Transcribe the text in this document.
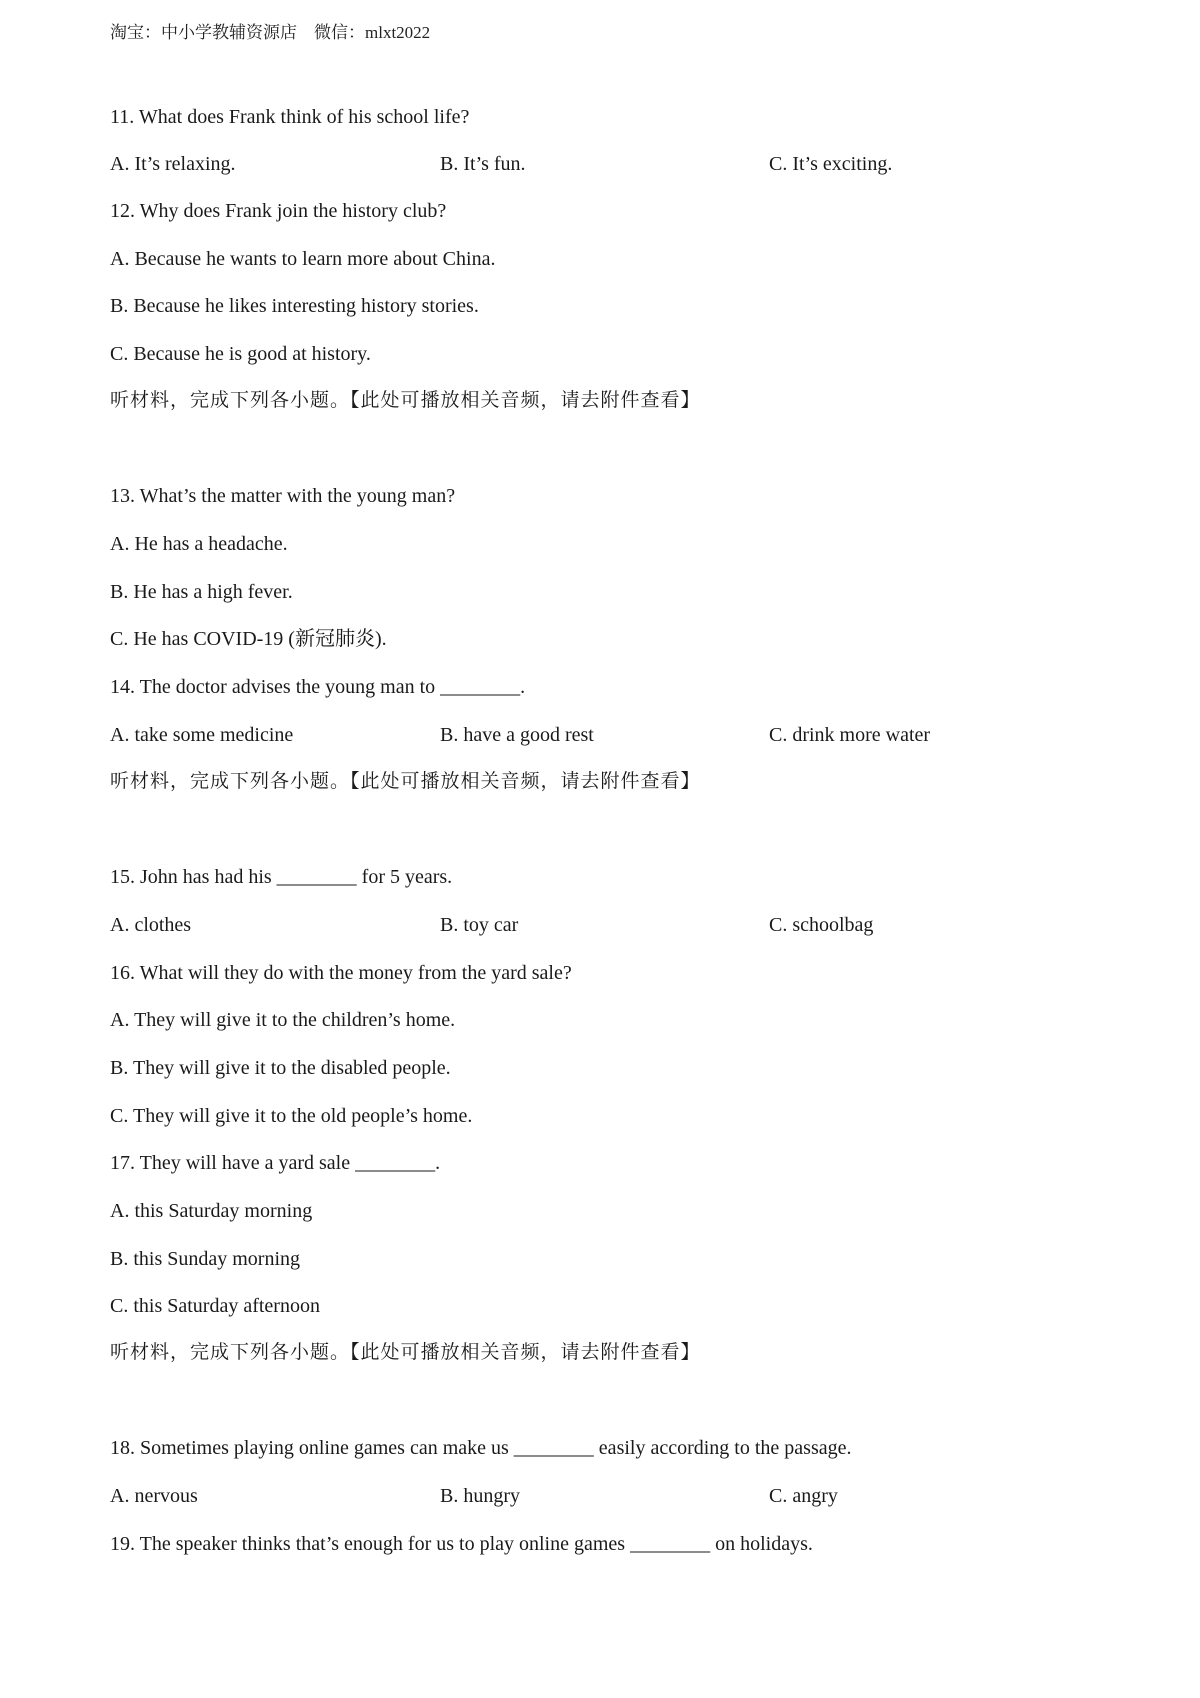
淘宝：中小学教辅资源店    微信：mlxt2022
11. What does Frank think of his school life?
A. It’s relaxing.	B. It’s fun.	C. It’s exciting.
12. Why does Frank join the history club?
A. Because he wants to learn more about China.
B. Because he likes interesting history stories.
C. Because he is good at history.
听材料，完成下列各小题。【此处可播放相关音频，请去附件查看】
13. What’s the matter with the young man?
A. He has a headache.
B. He has a high fever.
C. He has COVID-19 (新冠肺炎).
14. The doctor advises the young man to ________.
A. take some medicine	B. have a good rest	C. drink more water
听材料，完成下列各小题。【此处可播放相关音频，请去附件查看】
15. John has had his ________ for 5 years.
A. clothes	B. toy car	C. schoolbag
16. What will they do with the money from the yard sale?
A. They will give it to the children’s home.
B. They will give it to the disabled people.
C. They will give it to the old people’s home.
17. They will have a yard sale ________.
A. this Saturday morning
B. this Sunday morning
C. this Saturday afternoon
听材料，完成下列各小题。【此处可播放相关音频，请去附件查看】
18. Sometimes playing online games can make us ________ easily according to the passage.
A. nervous	B. hungry	C. angry
19. The speaker thinks that’s enough for us to play online games ________ on holidays.
